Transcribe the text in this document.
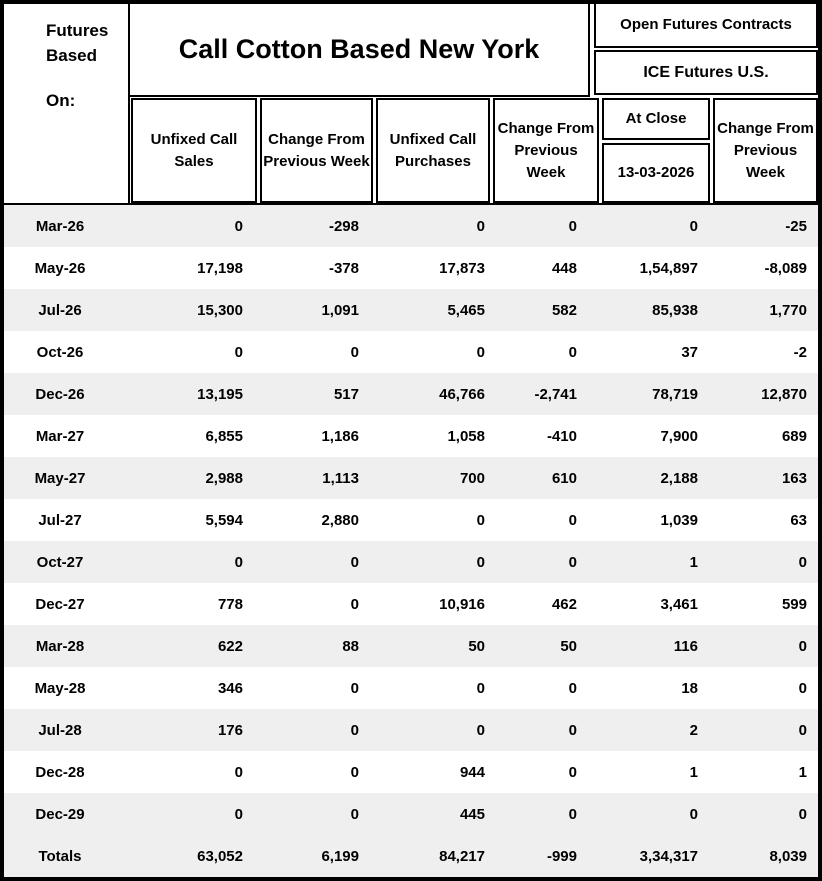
Futures Based
On:
Call Cotton Based New York
Open Futures Contracts
ICE Futures U.S.
Unfixed Call Sales
Change From Previous Week
Unfixed Call Purchases
Change From Previous Week
At Close
13-03-2026
Change From Previous Week
Mar-26	0	-298	0	0	0	-25
May-26	17,198	-378	17,873	448	1,54,897	-8,089
Jul-26	15,300	1,091	5,465	582	85,938	1,770
Oct-26	0	0	0	0	37	-2
Dec-26	13,195	517	46,766	-2,741	78,719	12,870
Mar-27	6,855	1,186	1,058	-410	7,900	689
May-27	2,988	1,113	700	610	2,188	163
Jul-27	5,594	2,880	0	0	1,039	63
Oct-27	0	0	0	0	1	0
Dec-27	778	0	10,916	462	3,461	599
Mar-28	622	88	50	50	116	0
May-28	346	0	0	0	18	0
Jul-28	176	0	0	0	2	0
Dec-28	0	0	944	0	1	1
Dec-29	0	0	445	0	0	0
Totals	63,052	6,199	84,217	-999	3,34,317	8,039
